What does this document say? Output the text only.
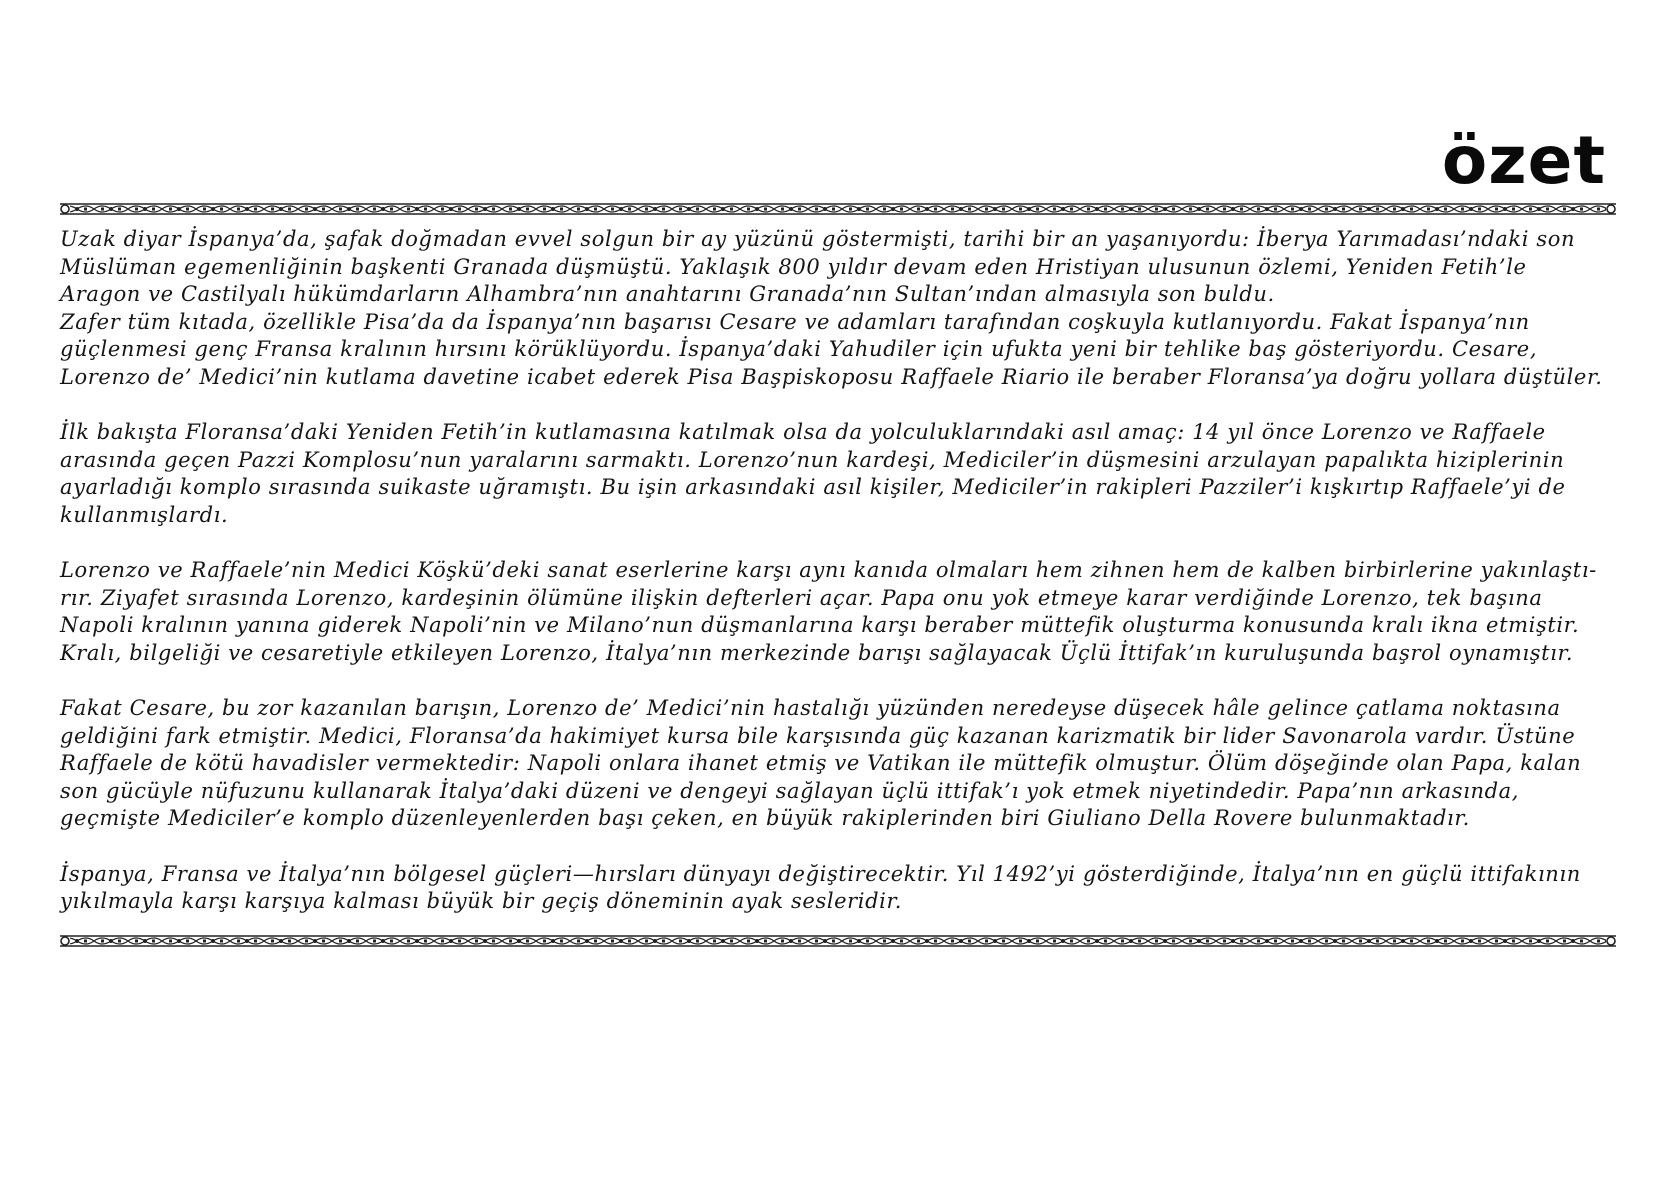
özet

Uzak diyar İspanya’da, şafak doğmadan evvel solgun bir ay yüzünü göstermişti, tarihi bir an yaşanıyordu: İberya Yarımadası’ndaki son
Müslüman egemenliğinin başkenti Granada düşmüştü. Yaklaşık 800 yıldır devam eden Hristiyan ulusunun özlemi, Yeniden Fetih’le
Aragon ve Castilyalı hükümdarların Alhambra’nın anahtarını Granada’nın Sultan’ından almasıyla son buldu.
Zafer tüm kıtada, özellikle Pisa’da da İspanya’nın başarısı Cesare ve adamları tarafından coşkuyla kutlanıyordu. Fakat İspanya’nın
güçlenmesi genç Fransa kralının hırsını körüklüyordu. İspanya’daki Yahudiler için ufukta yeni bir tehlike baş gösteriyordu. Cesare,
Lorenzo de’ Medici’nin kutlama davetine icabet ederek Pisa Başpiskoposu Raffaele Riario ile beraber Floransa’ya doğru yollara düştüler.

İlk bakışta Floransa’daki Yeniden Fetih’in kutlamasına katılmak olsa da yolculuklarındaki asıl amaç: 14 yıl önce Lorenzo ve Raffaele
arasında geçen Pazzi Komplosu’nun yaralarını sarmaktı. Lorenzo’nun kardeşi, Mediciler’in düşmesini arzulayan papalıkta hiziplerinin
ayarladığı komplo sırasında suikaste uğramıştı. Bu işin arkasındaki asıl kişiler, Mediciler’in rakipleri Pazziler’i kışkırtıp Raffaele’yi de
kullanmışlardı.

Lorenzo ve Raffaele’nin Medici Köşkü’deki sanat eserlerine karşı aynı kanıda olmaları hem zihnen hem de kalben birbirlerine yakınlaştı-
rır. Ziyafet sırasında Lorenzo, kardeşinin ölümüne ilişkin defterleri açar. Papa onu yok etmeye karar verdiğinde Lorenzo, tek başına
Napoli kralının yanına giderek Napoli’nin ve Milano’nun düşmanlarına karşı beraber müttefik oluşturma konusunda kralı ikna etmiştir.
Kralı, bilgeliği ve cesaretiyle etkileyen Lorenzo, İtalya’nın merkezinde barışı sağlayacak Üçlü İttifak’ın kuruluşunda başrol oynamıştır.

Fakat Cesare, bu zor kazanılan barışın, Lorenzo de’ Medici’nin hastalığı yüzünden neredeyse düşecek hâle gelince çatlama noktasına
geldiğini fark etmiştir. Medici, Floransa’da hakimiyet kursa bile karşısında güç kazanan karizmatik bir lider Savonarola vardır. Üstüne
Raffaele de kötü havadisler vermektedir: Napoli onlara ihanet etmiş ve Vatikan ile müttefik olmuştur. Ölüm döşeğinde olan Papa, kalan
son gücüyle nüfuzunu kullanarak İtalya’daki düzeni ve dengeyi sağlayan üçlü ittifak’ı yok etmek niyetindedir. Papa’nın arkasında,
geçmişte Mediciler’e komplo düzenleyenlerden başı çeken, en büyük rakiplerinden biri Giuliano Della Rovere bulunmaktadır.

İspanya, Fransa ve İtalya’nın bölgesel güçleri—hırsları dünyayı değiştirecektir. Yıl 1492’yi gösterdiğinde, İtalya’nın en güçlü ittifakının
yıkılmayla karşı karşıya kalması büyük bir geçiş döneminin ayak sesleridir.
